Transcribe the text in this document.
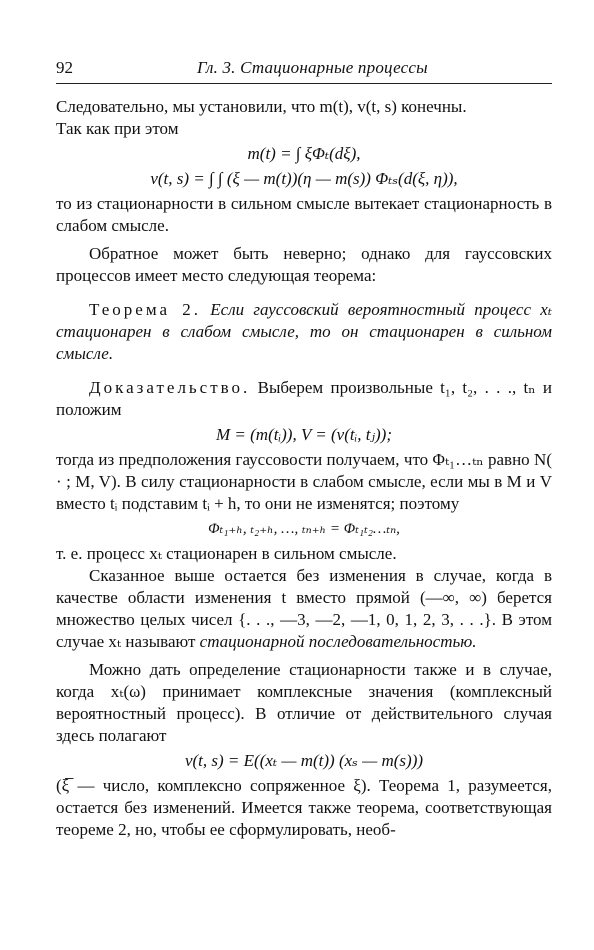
92	Гл. 3. Стационарные процессы

Следовательно, мы установили, что m(t), v(t, s) конечны.
Так как при этом

m(t) = ∫ ξΦₜ(dξ),
v(t, s) = ∫ ∫ (ξ — m(t))(η — m(s)) Φₜₛ(d(ξ, η)),

то из стационарности в сильном смысле вытекает стационарность в слабом смысле.

Обратное может быть неверно; однако для гауссовских процессов имеет место следующая теорема:

Теорема 2. Если гауссовский вероятностный процесс xₜ стационарен в слабом смысле, то он стационарен в сильном смысле.

Доказательство. Выберем произвольные t₁, t₂, . . ., tₙ и положим

M = (m(tᵢ)), V = (v(tᵢ, tⱼ));

тогда из предположения гауссовости получаем, что Φₜ₁…ₜₙ равно N( · ; M, V). В силу стационарности в слабом смысле, если мы в M и V вместо tᵢ подставим tᵢ + h, то они не изменятся; поэтому

Φₜ₁₊ₕ, ₜ₂₊ₕ, …, ₜₙ₊ₕ = Φₜ₁ₜ₂…ₜₙ,

т. е. процесс xₜ стационарен в сильном смысле.

Сказанное выше остается без изменения в случае, когда в качестве области изменения t вместо прямой (—∞, ∞) берется множество целых чисел {. . ., —3, —2, —1, 0, 1, 2, 3, . . .}. В этом случае xₜ называют стационарной последовательностью.

Можно дать определение стационарности также и в случае, когда xₜ(ω) принимает комплексные значения (комплексный вероятностный процесс). В отличие от действительного случая здесь полагают

v(t, s) = E((xₜ — m(t)) (xₛ — m(s)))

(ξ̅ — число, комплексно сопряженное ξ). Теорема 1, разумеется, остается без изменений. Имеется также теорема, соответствующая теореме 2, но, чтобы ее сформулировать, необ-
